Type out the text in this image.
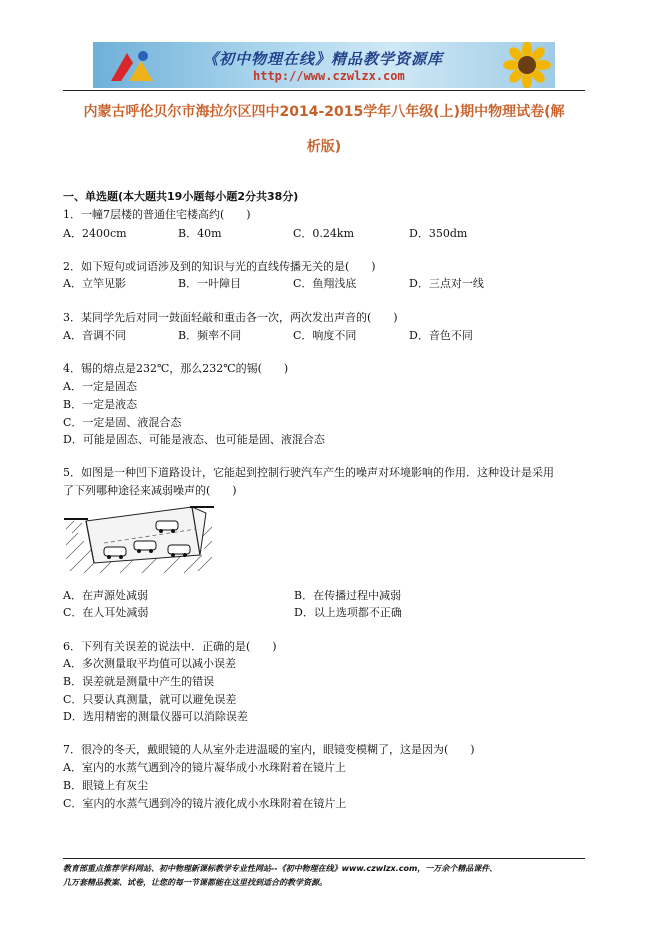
《初中物理在线》精品教学资源库
http://www.czwlzx.com
内蒙古呼伦贝尔市海拉尔区四中2014-2015学年八年级(上)期中物理试卷(解
析版)
一、单选题(本大题共19小题每小题2分共38分)
1．一幢7层楼的普通住宅楼高约(　　)
A．2400cm	B．40m	C．0.24km	D．350dm
2．如下短句或词语涉及到的知识与光的直线传播无关的是(　　)
A．立竿见影	B．一叶障目	C．鱼翔浅底	D．三点对一线
3．某同学先后对同一鼓面轻敲和重击各一次，两次发出声音的(　　)
A．音调不同	B．频率不同	C．响度不同	D．音色不同
4．锡的熔点是232℃，那么232℃的锡(　　)
A．一定是固态
B．一定是液态
C．一定是固、液混合态
D．可能是固态、可能是液态、也可能是固、液混合态
5．如图是一种凹下道路设计，它能起到控制行驶汽车产生的噪声对环境影响的作用．这种设计是采用
了下列哪种途径来减弱噪声的(　　)
A．在声源处减弱	B．在传播过程中减弱
C．在人耳处减弱	D．以上选项都不正确
6．下列有关误差的说法中．正确的是(　　)
A．多次测量取平均值可以减小误差
B．误差就是测量中产生的错误
C．只要认真测量，就可以避免误差
D．选用精密的测量仪器可以消除误差
7．很冷的冬天，戴眼镜的人从室外走进温暖的室内，眼镜变模糊了，这是因为(　　)
A．室内的水蒸气遇到冷的镜片凝华成小水珠附着在镜片上
B．眼镜上有灰尘
C．室内的水蒸气遇到冷的镜片液化成小水珠附着在镜片上
教育部重点推荐学科网站、初中物理新课标教学专业性网站--《初中物理在线》www.czwlzx.com，一万余个精品课件、
几万套精品教案、试卷，让您的每一节课都能在这里找到适合的教学资源。
